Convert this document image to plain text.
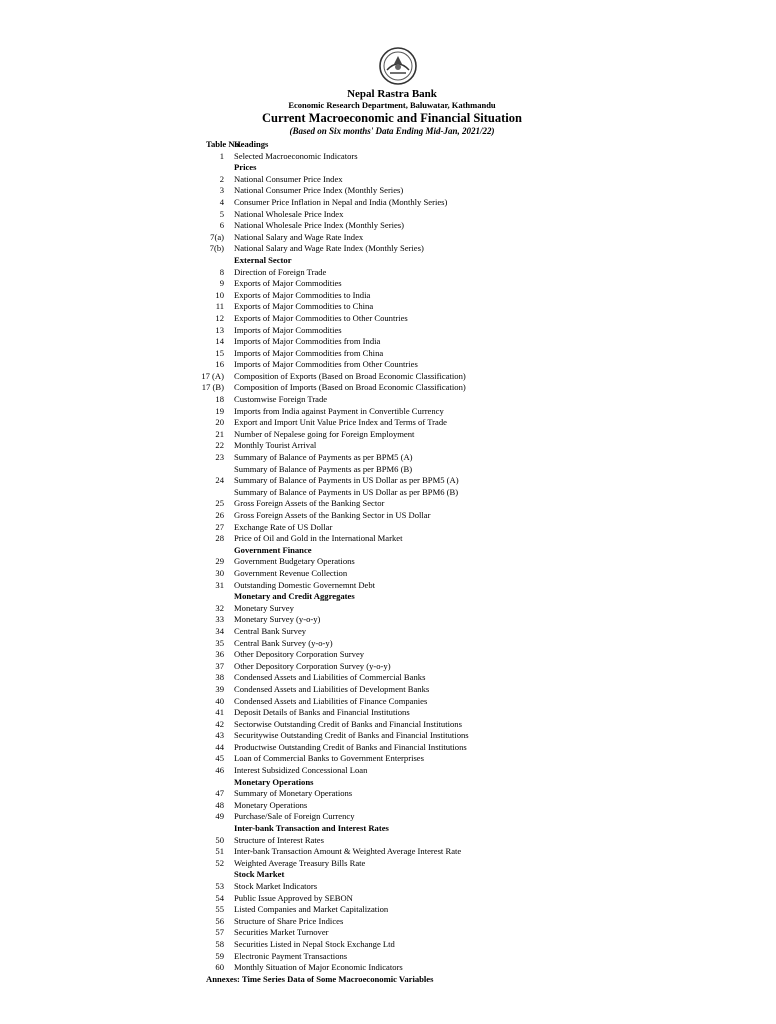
Nepal Rastra Bank
Economic Research Department, Baluwatar, Kathmandu
Current Macroeconomic and Financial Situation
(Based on Six months' Data Ending Mid-Jan, 2021/22)
Table No.
Headings
1 Selected Macroeconomic Indicators
Prices
2 National Consumer Price Index
3 National Consumer Price Index (Monthly Series)
4 Consumer Price Inflation in Nepal and India (Monthly Series)
5 National Wholesale Price Index
6 National Wholesale Price Index (Monthly Series)
7(a) National Salary and Wage Rate Index
7(b) National Salary and Wage Rate Index (Monthly Series)
External Sector
8 Direction of Foreign Trade
9 Exports of Major Commodities
10 Exports of Major Commodities to India
11 Exports of Major Commodities to China
12 Exports of Major Commodities to Other Countries
13 Imports of Major Commodities
14 Imports of Major Commodities from India
15 Imports of Major Commodities from China
16 Imports of Major Commodities from Other Countries
17 (A) Composition of Exports (Based on Broad Economic Classification)
17 (B) Composition of Imports (Based on Broad Economic Classification)
18 Customwise Foreign Trade
19 Imports from India against Payment in Convertible Currency
20 Export and Import Unit Value Price Index and Terms of Trade
21 Number of Nepalese going for Foreign Employment
22 Monthly Tourist Arrival
23 Summary of Balance of Payments as per BPM5 (A)
Summary of Balance of Payments as per BPM6 (B)
24 Summary of Balance of Payments in US Dollar as per BPM5 (A)
Summary of Balance of Payments in US Dollar as per BPM6 (B)
25 Gross Foreign Assets of the Banking Sector
26 Gross Foreign Assets of the Banking Sector in US Dollar
27 Exchange Rate of US Dollar
28 Price of Oil and Gold in the International Market
Government Finance
29 Government Budgetary Operations
30 Government Revenue Collection
31 Outstanding Domestic Governemnt Debt
Monetary and Credit Aggregates
32 Monetary Survey
33 Monetary Survey (y-o-y)
34 Central Bank Survey
35 Central Bank Survey (y-o-y)
36 Other Depository Corporation Survey
37 Other Depository Corporation Survey (y-o-y)
38 Condensed Assets and Liabilities of Commercial Banks
39 Condensed Assets and Liabilities of Development Banks
40 Condensed Assets and Liabilities of Finance Companies
41 Deposit Details of Banks and Financial Institutions
42 Sectorwise Outstanding Credit of Banks and Financial Institutions
43 Securitywise Outstanding Credit of Banks and Financial Institutions
44 Productwise Outstanding Credit of Banks and Financial Institutions
45 Loan of Commercial Banks to Government Enterprises
46 Interest Subsidized Concessional Loan
Monetary Operations
47 Summary of Monetary Operations
48 Monetary Operations
49 Purchase/Sale of Foreign Currency
Inter-bank Transaction and Interest Rates
50 Structure of Interest Rates
51 Inter-bank Transaction Amount & Weighted Average Interest Rate
52 Weighted Average Treasury Bills Rate
Stock Market
53 Stock Market Indicators
54 Public Issue Approved by SEBON
55 Listed Companies and Market Capitalization
56 Structure of Share Price Indices
57 Securities Market Turnover
58 Securities Listed in Nepal Stock Exchange Ltd
59 Electronic Payment Transactions
60 Monthly Situation of Major Economic Indicators
Annexes: Time Series Data of Some Macroeconomic Variables
